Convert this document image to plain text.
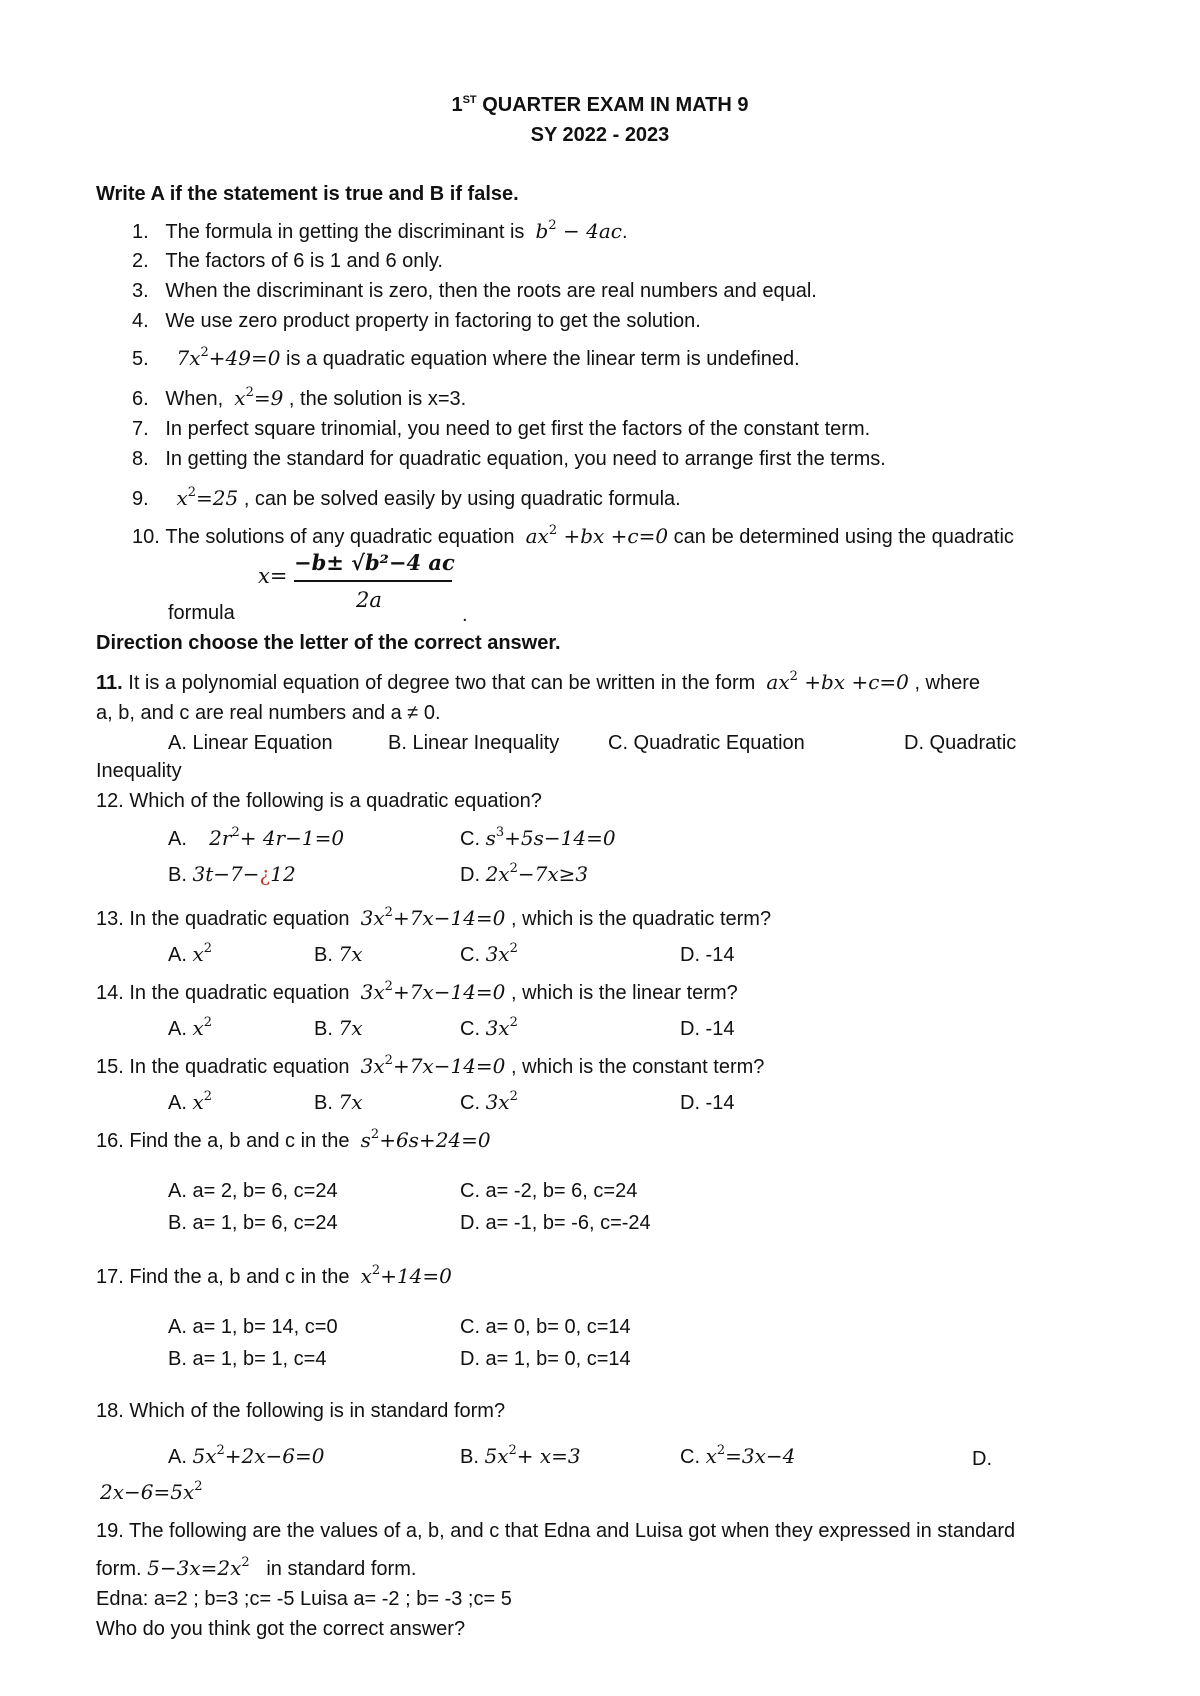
1ST QUARTER EXAM IN MATH 9
SY 2022 - 2023
Write A if the statement is true and B if false.
1. The formula in getting the discriminant is $b^2 - 4ac$.
2. The factors of 6 is 1 and 6 only.
3. When the discriminant is zero, then the roots are real numbers and equal.
4. We use zero product property in factoring to get the solution.
5. $7x^2+49=0$ is a quadratic equation where the linear term is undefined.
6. When, $x^2=9$ , the solution is x=3.
7. In perfect square trinomial, you need to get first the factors of the constant term.
8. In getting the standard for quadratic equation, you need to arrange first the terms.
9. $x^2=25$ , can be solved easily by using quadratic formula.
10. The solutions of any quadratic equation $ax^2 +bx +c=0$ can be determined using the quadratic
formula
x=
−b± √b²−4 ac
2a
.
Direction choose the letter of the correct answer.
11. It is a polynomial equation of degree two that can be written in the form $ax^2 +bx +c=0$ , where
a, b, and c are real numbers and a ≠ 0.
A. Linear Equation	B. Linear Inequality C. Quadratic Equation	D. Quadratic
Inequality
12. Which of the following is a quadratic equation?
A. $2r^2+ 4r-1=0$	C. $s^3+5s-14=0$
B. 3t−7−¿12	D. $2x^2-7x\ge 3$
13. In the quadratic equation $3x^2+7x-14=0$ , which is the quadratic term?
A. $x^2$	B. 7x	C. $3x^2$	D. -14
14. In the quadratic equation $3x^2+7x-14=0$ , which is the linear term?
A. $x^2$	B. 7x	C. $3x^2$	D. -14
15. In the quadratic equation $3x^2+7x-14=0$ , which is the constant term?
A. $x^2$	B. 7x	C. $3x^2$	D. -14
16. Find the a, b and c in the $s^2+6s+24=0$
A. a= 2, b= 6, c=24	C. a= -2, b= 6, c=24
B. a= 1, b= 6, c=24	D. a= -1, b= -6, c=-24
17. Find the a, b and c in the $x^2+14=0$
A. a= 1, b= 14, c=0	C. a= 0, b= 0, c=14
B. a= 1, b= 1, c=4	D. a= 1, b= 0, c=14
18. Which of the following is in standard form?
A. $5x^2+2x-6=0$	B. $5x^2+ x=3$	C. $x^2=3x-4$	D.
$2x-6=5x^2$
19. The following are the values of a, b, and c that Edna and Luisa got when they expressed in standard
form. $5-3x=2x^2$   in standard form.
Edna: a=2 ; b=3 ;c= -5 Luisa a= -2 ; b= -3 ;c= 5
Who do you think got the correct answer?
